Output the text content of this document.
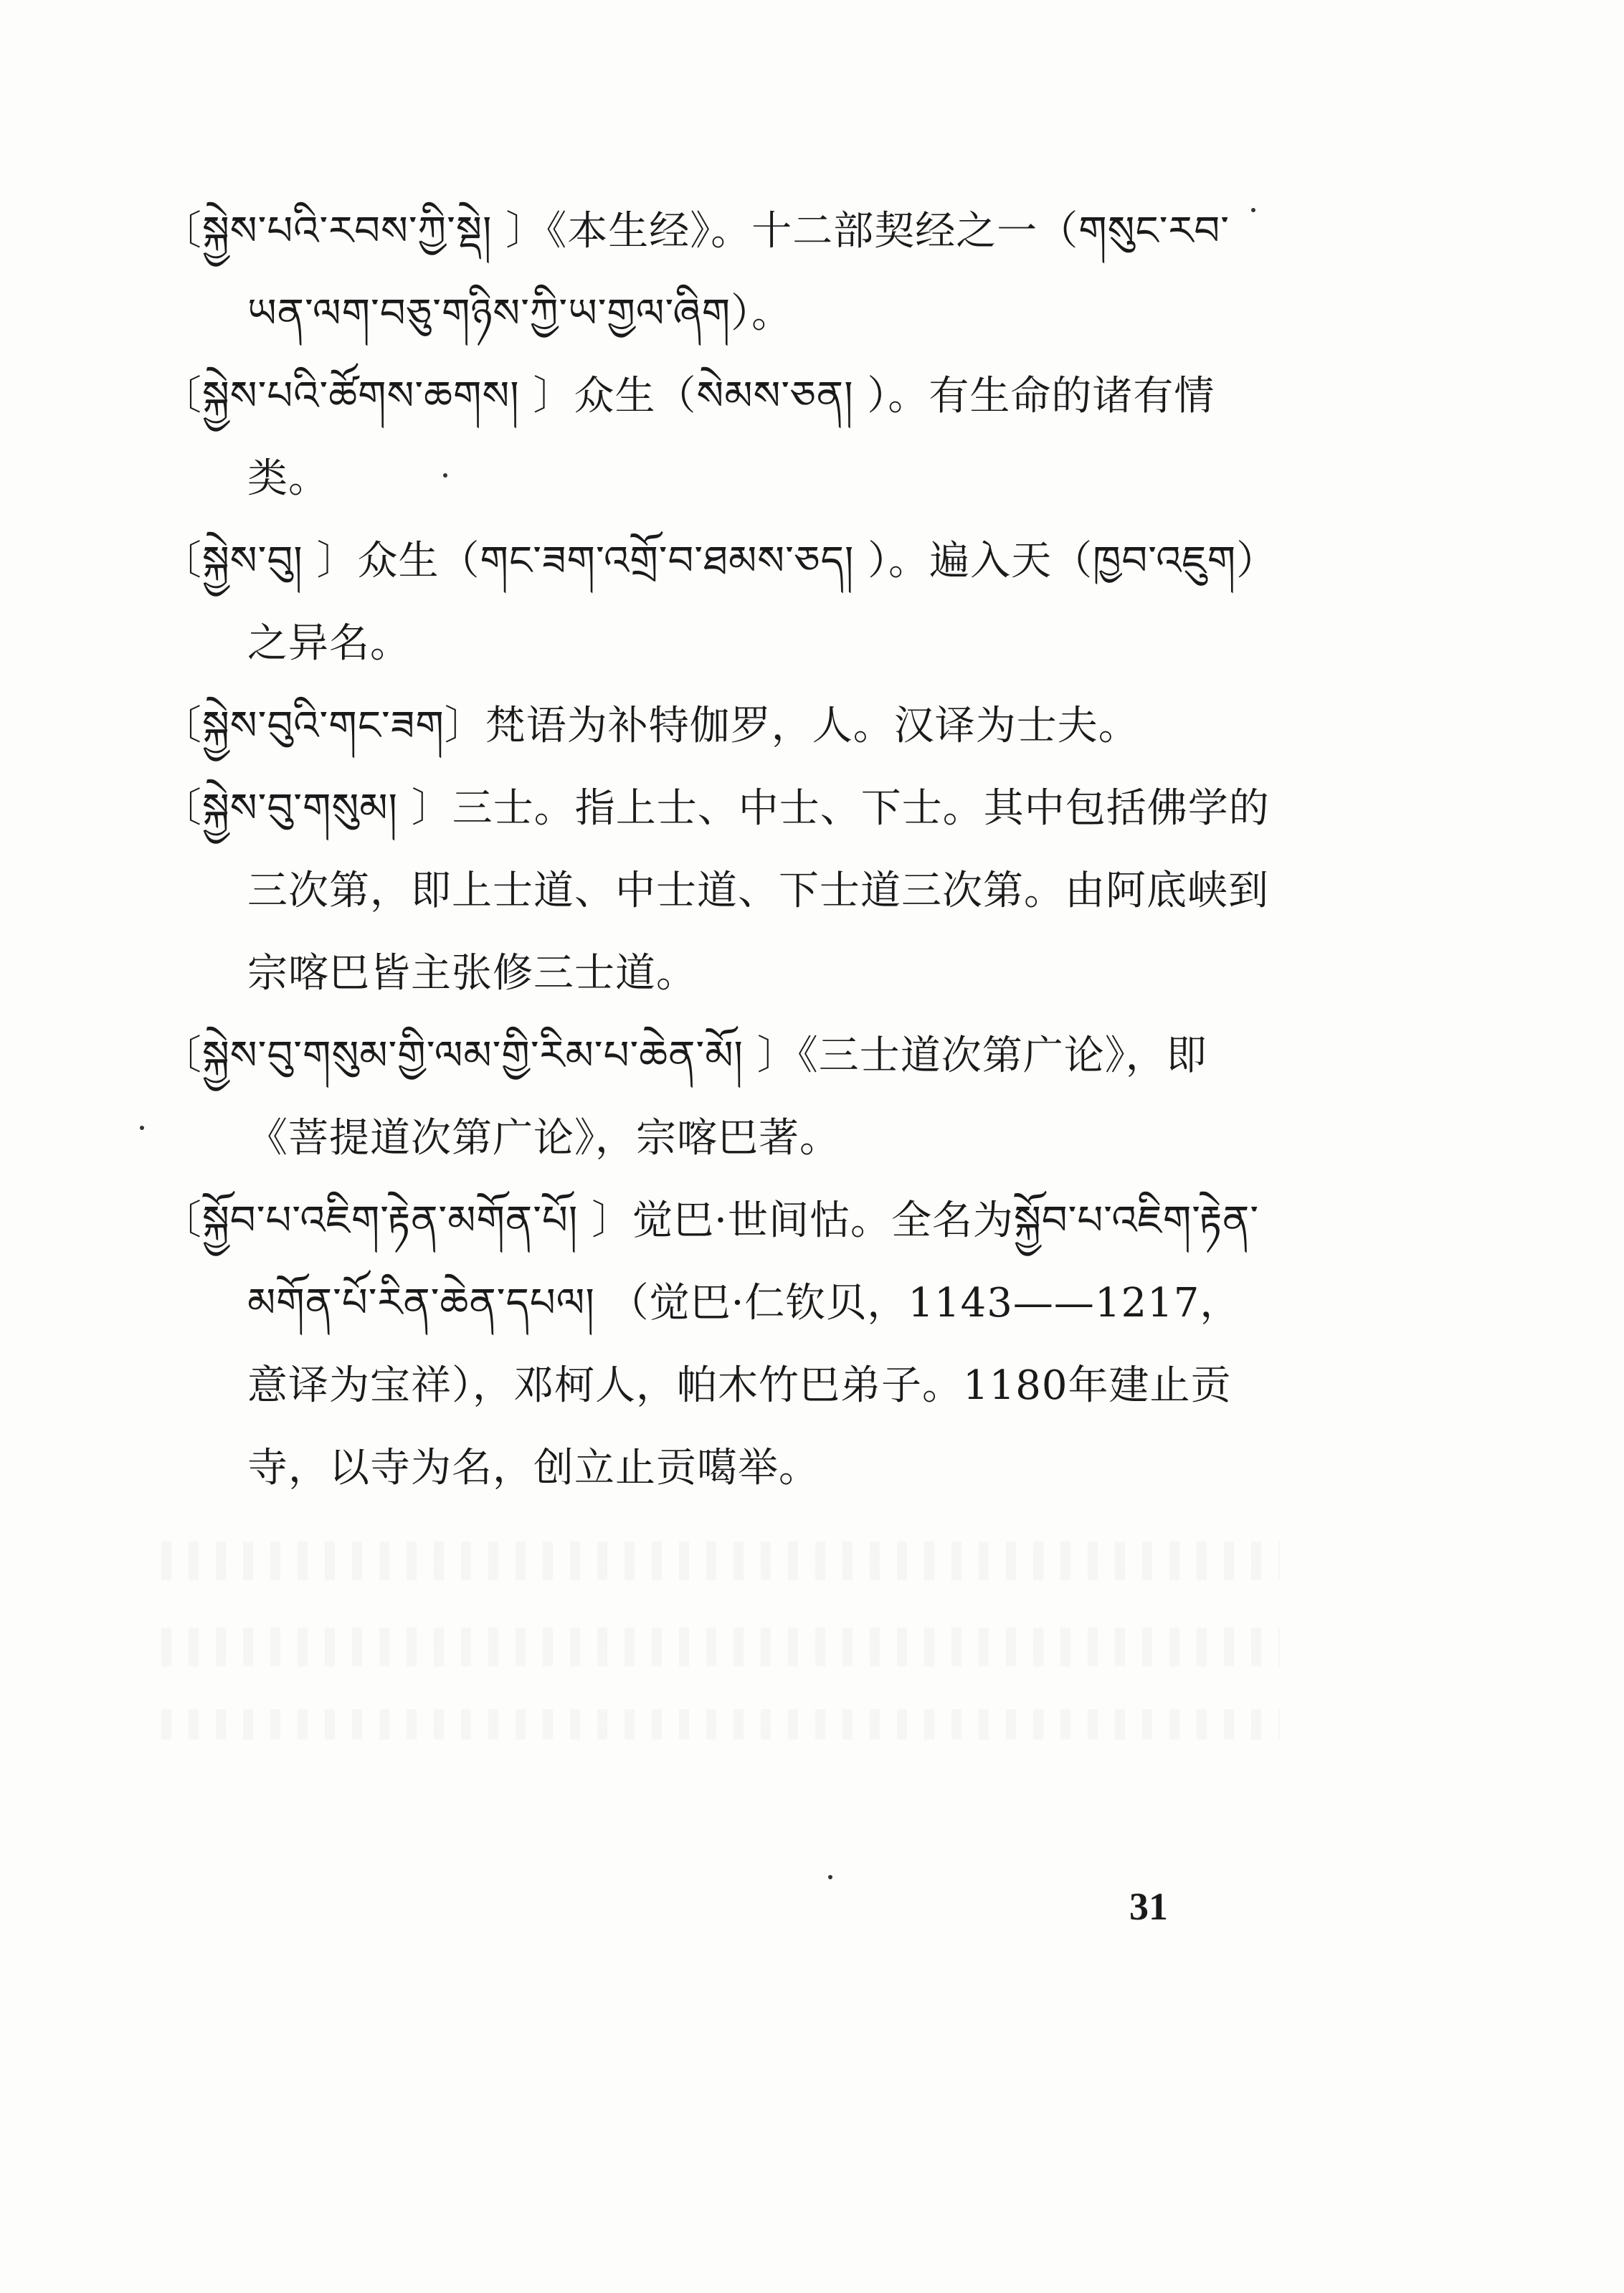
〔སྐྱེས་པའི་རབས་ཀྱི་སྡེ། 〕《本生经》。十二部契经之一（གསུང་རབ་ཡན་ལག་བཅུ་གཉིས་ཀྱི་ཡ་གྱལ་ཞིག）。

〔སྐྱེས་པའི་ཚོགས་ཆགས། 〕众生（སེམས་ཅན། ）。有生命的诸有情类。

〔སྐྱེས་བུ། 〕众生（གང་ཟག་འགྲོ་བ་ཐམས་ཅད། ）。遍入天（ཁྱབ་འཇུག）之异名。

〔སྐྱེས་བུའི་གང་ཟག〕梵语为补特伽罗，人。汉译为士夫。

〔སྐྱེས་བུ་གསུམ། 〕三士。指上士、中士、下士。其中包括佛学的三次第，即上士道、中士道、下士道三次第。由阿底峡到宗喀巴皆主张修三士道。

〔སྐྱེས་བུ་གསུམ་གྱི་ལམ་གྱི་རིམ་པ་ཆེན་མོ། 〕《三士道次第广论》，即《菩提道次第广论》，宗喀巴著。

〔སྐྱོབ་པ་འཇིག་རྟེན་མགོན་པོ། 〕觉巴·世间怙。全名为སྐྱོབ་པ་འཇིག་རྟེན་མགོན་པོ་རིན་ཆེན་དཔལ། （觉巴·仁钦贝，1143——1217，意译为宝祥），邓柯人，帕木竹巴弟子。1180年建止贡寺，以寺为名，创立止贡噶举。

31
